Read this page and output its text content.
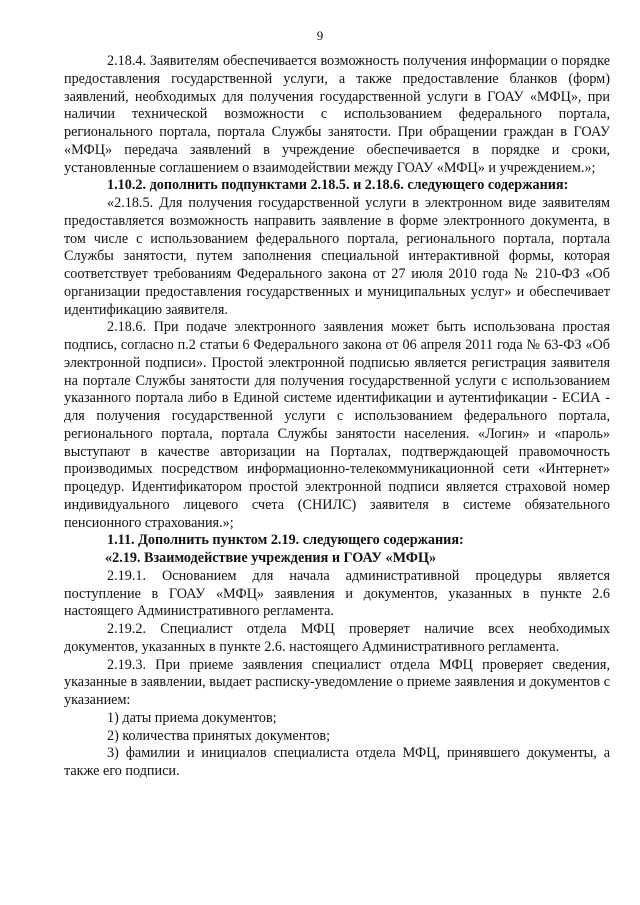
9

2.18.4. Заявителям обеспечивается возможность получения информации о порядке предоставления государственной услуги, а также предоставление бланков (форм) заявлений, необходимых для получения государственной услуги в ГОАУ «МФЦ», при наличии технической возможности с использованием федерального портала, регионального портала, портала Службы занятости. При обращении граждан в ГОАУ «МФЦ» передача заявлений в учреждение обеспечивается в порядке и сроки, установленные соглашением о взаимодействии между ГОАУ «МФЦ» и учреждением.»;

1.10.2. дополнить подпунктами 2.18.5. и 2.18.6. следующего содержания:

«2.18.5. Для получения государственной услуги в электронном виде заявителям предоставляется возможность направить заявление в форме электронного документа, в том числе с использованием федерального портала, регионального портала, портала Службы занятости, путем заполнения специальной интерактивной формы, которая соответствует требованиям Федерального закона от 27 июля 2010 года № 210-ФЗ «Об организации предоставления государственных и муниципальных услуг» и обеспечивает идентификацию заявителя.

2.18.6. При подаче электронного заявления может быть использована простая подпись, согласно п.2 статьи 6 Федерального закона от 06 апреля 2011 года № 63-ФЗ «Об электронной подписи». Простой электронной подписью является регистрация заявителя на портале Службы занятости для получения государственной услуги с использованием указанного портала либо в Единой системе идентификации и аутентификации - ЕСИА - для получения государственной услуги с использованием федерального портала, регионального портала, портала Службы занятости населения. «Логин» и «пароль» выступают в качестве авторизации на Порталах, подтверждающей правомочность производимых посредством информационно-телекоммуникационной сети «Интернет» процедур. Идентификатором простой электронной подписи является страховой номер индивидуального лицевого счета (СНИЛС) заявителя в системе обязательного пенсионного страхования.»;

1.11. Дополнить пунктом 2.19. следующего содержания:

«2.19. Взаимодействие учреждения и ГОАУ «МФЦ»

2.19.1. Основанием для начала административной процедуры является поступление в ГОАУ «МФЦ» заявления и документов, указанных в пункте 2.6 настоящего Административного регламента.

2.19.2. Специалист отдела МФЦ проверяет наличие всех необходимых документов, указанных в пункте 2.6. настоящего Административного регламента.

2.19.3. При приеме заявления специалист отдела МФЦ проверяет сведения, указанные в заявлении, выдает расписку-уведомление о приеме заявления и документов с указанием:

1) даты приема документов;

2) количества принятых документов;

3) фамилии и инициалов специалиста отдела МФЦ, принявшего документы, а также его подписи.
